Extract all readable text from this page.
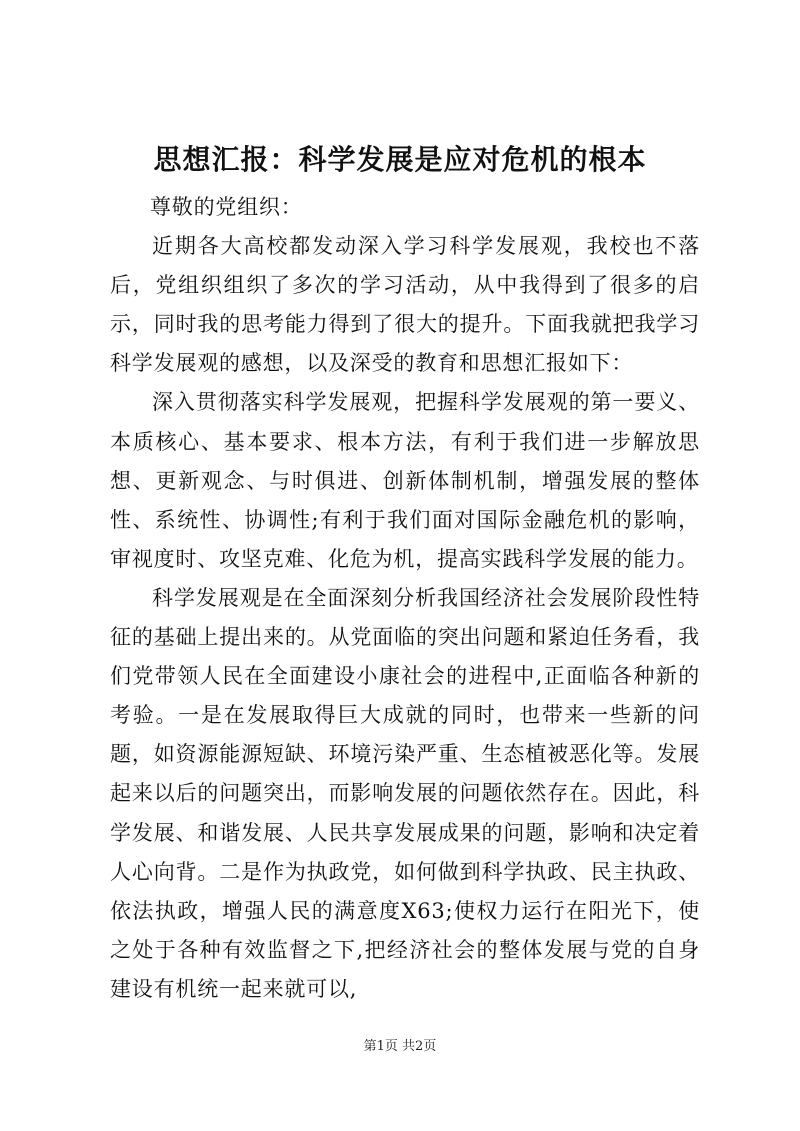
思想汇报：科学发展是应对危机的根本

尊敬的党组织：

近期各大高校都发动深入学习科学发展观，我校也不落后，党组织组织了多次的学习活动，从中我得到了很多的启示，同时我的思考能力得到了很大的提升。下面我就把我学习科学发展观的感想，以及深受的教育和思想汇报如下：

深入贯彻落实科学发展观，把握科学发展观的第一要义、本质核心、基本要求、根本方法，有利于我们进一步解放思想、更新观念、与时俱进、创新体制机制，增强发展的整体性、系统性、协调性;有利于我们面对国际金融危机的影响，审视度时、攻坚克难、化危为机，提高实践科学发展的能力。

科学发展观是在全面深刻分析我国经济社会发展阶段性特征的基础上提出来的。从党面临的突出问题和紧迫任务看，我们党带领人民在全面建设小康社会的进程中,正面临各种新的考验。一是在发展取得巨大成就的同时，也带来一些新的问题，如资源能源短缺、环境污染严重、生态植被恶化等。发展起来以后的问题突出，而影响发展的问题依然存在。因此，科学发展、和谐发展、人民共享发展成果的问题，影响和决定着人心向背。二是作为执政党，如何做到科学执政、民主执政、依法执政，增强人民的满意度X63;使权力运行在阳光下，使之处于各种有效监督之下,把经济社会的整体发展与党的自身建设有机统一起来就可以,

第1页 共2页
